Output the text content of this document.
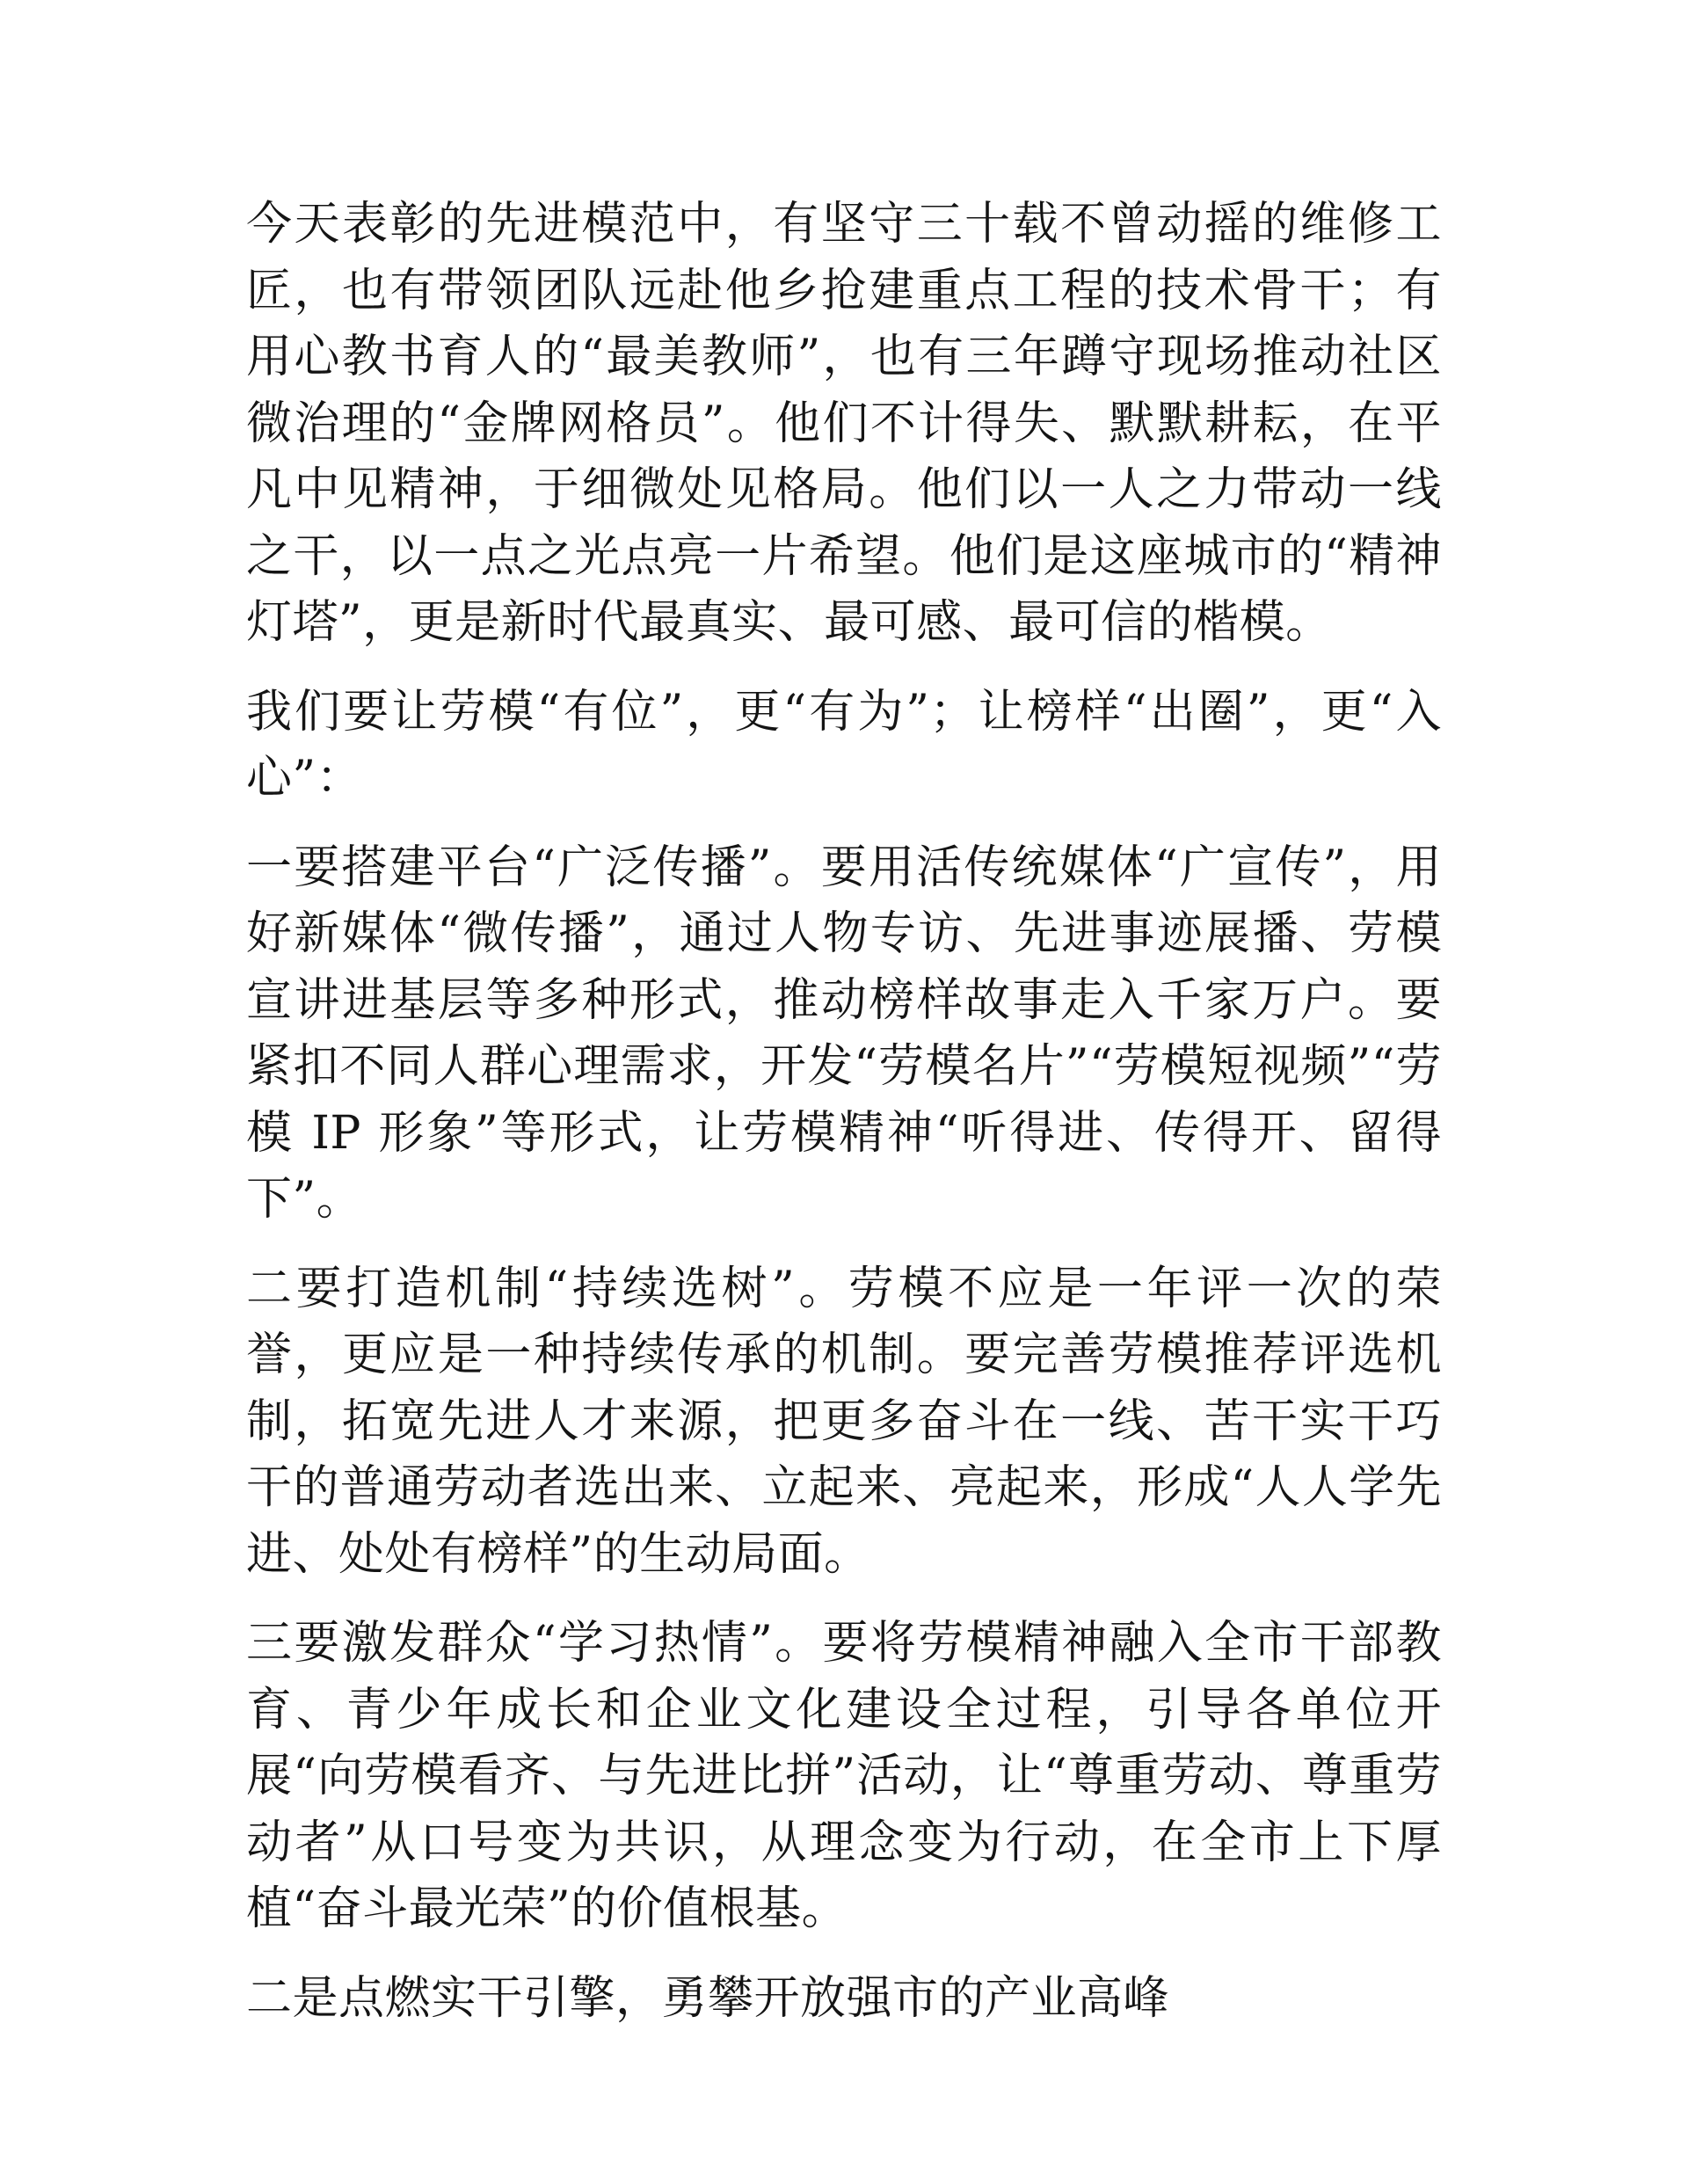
今天表彰的先进模范中，有坚守三十载不曾动摇的维修工匠，也有带领团队远赴他乡抢建重点工程的技术骨干；有用心教书育人的“最美教师”，也有三年蹲守现场推动社区微治理的“金牌网格员”。他们不计得失、默默耕耘，在平凡中见精神，于细微处见格局。他们以一人之力带动一线之干，以一点之光点亮一片希望。他们是这座城市的“精神灯塔”，更是新时代最真实、最可感、最可信的楷模。

我们要让劳模“有位”，更“有为”；让榜样“出圈”，更“入心”：

一要搭建平台“广泛传播”。要用活传统媒体“广宣传”，用好新媒体“微传播”，通过人物专访、先进事迹展播、劳模宣讲进基层等多种形式，推动榜样故事走入千家万户。要紧扣不同人群心理需求，开发“劳模名片”“劳模短视频”“劳模 IP 形象”等形式，让劳模精神“听得进、传得开、留得下”。

二要打造机制“持续选树”。劳模不应是一年评一次的荣誉，更应是一种持续传承的机制。要完善劳模推荐评选机制，拓宽先进人才来源，把更多奋斗在一线、苦干实干巧干的普通劳动者选出来、立起来、亮起来，形成“人人学先进、处处有榜样”的生动局面。

三要激发群众“学习热情”。要将劳模精神融入全市干部教育、青少年成长和企业文化建设全过程，引导各单位开展“向劳模看齐、与先进比拼”活动，让“尊重劳动、尊重劳动者”从口号变为共识，从理念变为行动，在全市上下厚植“奋斗最光荣”的价值根基。

二是点燃实干引擎，勇攀开放强市的产业高峰
